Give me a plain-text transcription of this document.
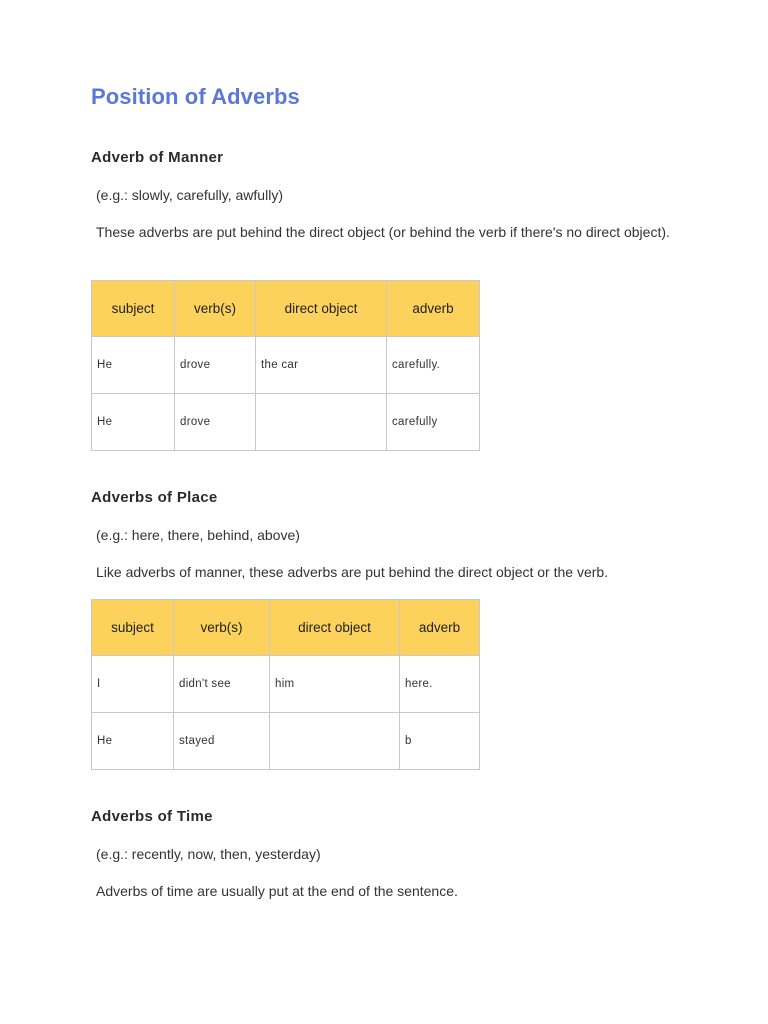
Position of Adverbs
Adverb of Manner

(e.g.: slowly, carefully, awfully)

These adverbs are put behind the direct object (or behind the verb if there's no direct object).

subject	verb(s)	direct object	adverb
He	drove	the car	carefully.
He	drove		carefully
Adverbs of Place

(e.g.: here, there, behind, above)

Like adverbs of manner, these adverbs are put behind the direct object or the verb.

subject	verb(s)	direct object	adverb
I	didn't see	him	here.
He	stayed		b
Adverbs of Time

(e.g.: recently, now, then, yesterday)

Adverbs of time are usually put at the end of the sentence.
